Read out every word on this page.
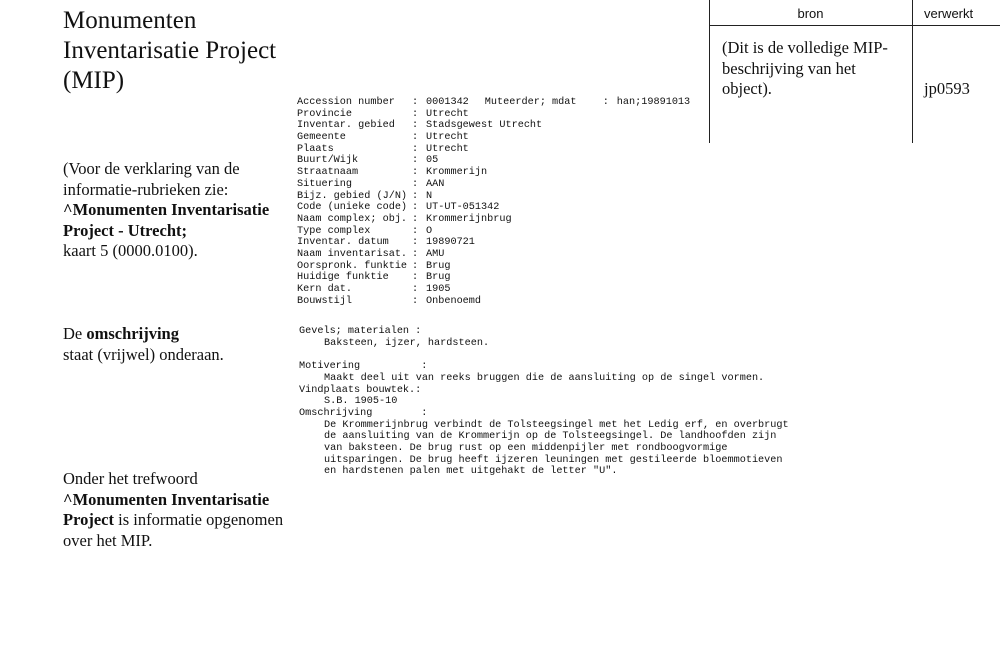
Monumenten Inventarisatie Project (MIP)
(Voor de verklaring van de informatie-rubrieken zie:
^Monumenten Inventarisatie Project - Utrecht;
kaart 5 (0000.0100).
De omschrijving
staat (vrijwel) onderaan.
Onder het trefwoord
^Monumenten Inventarisatie Project is informatie opgenomen over het MIP.
bron	verwerkt
(Dit is de volledige MIP-beschrijving van het object).	jp0593
Accession number : 0001342 Muteerder; mdat	: han;19891013
Provincie	: Utrecht
Inventar. gebied : Stadsgewest Utrecht
Gemeente	: Utrecht
Plaats	: Utrecht
Buurt/Wijk	: 05
Straatnaam	: Krommerijn
Situering	: AAN
Bijz. gebied (J/N) : N
Code (unieke code) : UT-UT-051342
Naam complex; obj. : Krommerijnbrug
Type complex	: O
Inventar. datum : 19890721
Naam inventarisat. : AMU
Oorspronk. funktie : Brug
Huidige funktie : Brug
Kern dat.	: 1905
Bouwstijl	: Onbenoemd
Gevels; materialen :
Baksteen, ijzer, hardsteen.
Motivering          :
Maakt deel uit van reeks bruggen die de aansluiting op de singel vormen.
Vindplaats bouwtek.:
S.B. 1905-10
Omschrijving        :
De Krommerijnbrug verbindt de Tolsteegsingel met het Ledig erf, en overbrugt de aansluiting van de Krommerijn op de Tolsteegsingel. De landhoofden zijn van baksteen. De brug rust op een middenpijler met rondboogvormige uitsparingen. De brug heeft ijzeren leuningen met gestileerde bloemmotieven en hardstenen palen met uitgehakt de letter "U".
